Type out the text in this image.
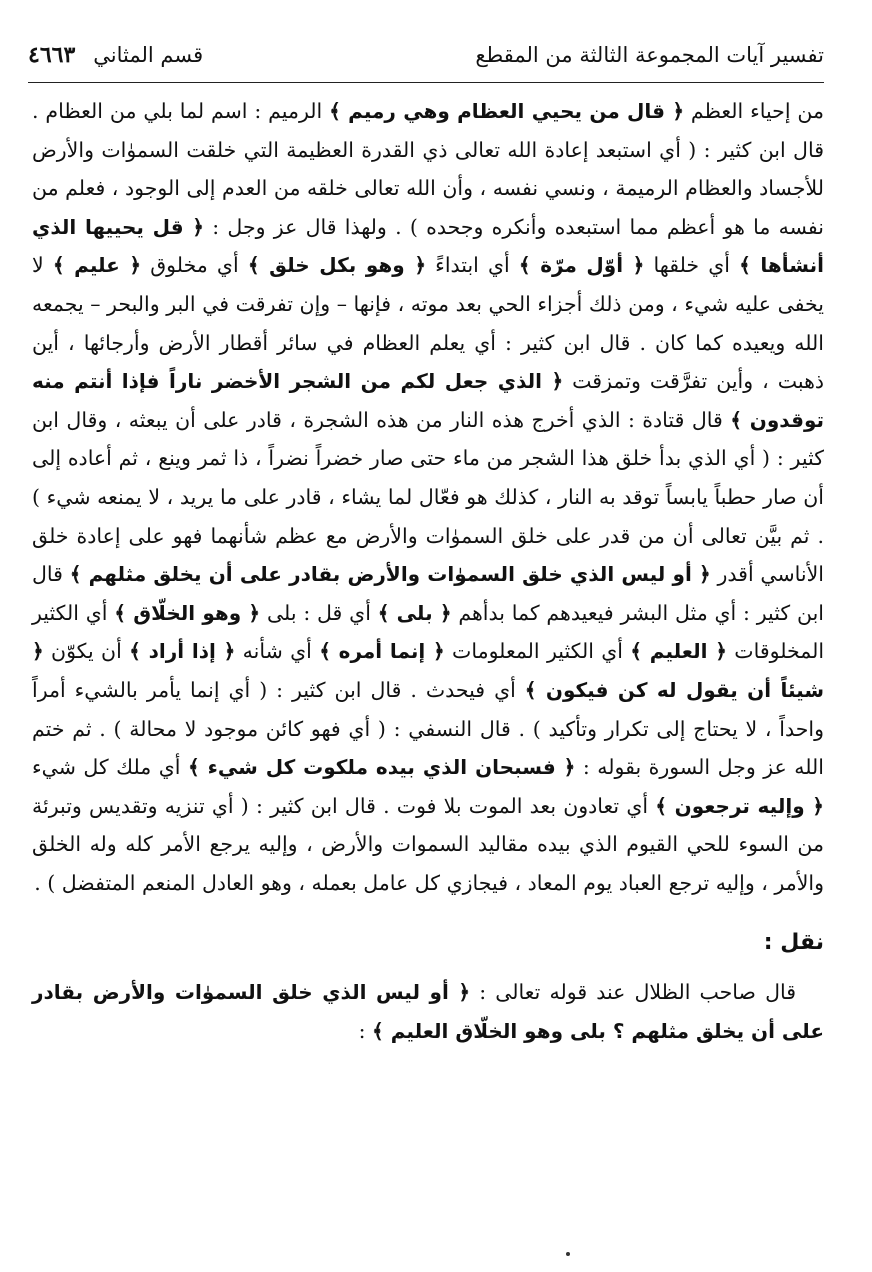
تفسير آيات المجموعة الثالثة من المقطع
قسم المثاني
٤٦٦٣

من إحياء العظم ﴿ قال من يحيي العظام وهي رميم ﴾ الرميم : اسم لما بلي من العظام . قال ابن كثير : ( أي استبعد إعادة الله تعالى ذي القدرة العظيمة التي خلقت السموٰات والأرض للأجساد والعظام الرميمة ، ونسي نفسه ، وأن الله تعالى خلقه من العدم إلى الوجود ، فعلم من نفسه ما هو أعظم مما استبعده وأنكره وجحده ) . ولهذا قال عز وجل : ﴿ قل يحييها الذي أنشأها ﴾ أي خلقها ﴿ أوّل مرّة ﴾ أي ابتداءً ﴿ وهو بكل خلق ﴾ أي مخلوق ﴿ عليم ﴾ لا يخفى عليه شيء ، ومن ذلك أجزاء الحي بعد موته ، فإنها – وإن تفرقت في البر والبحر – يجمعه الله ويعيده كما كان . قال ابن كثير : أي يعلم العظام في سائر أقطار الأرض وأرجائها ، أين ذهبت ، وأين تفرَّقت وتمزقت ﴿ الذي جعل لكم من الشجر الأخضر ناراً فإذا أنتم منه توقدون ﴾ قال قتادة : الذي أخرج هذه النار من هذه الشجرة ، قادر على أن يبعثه ، وقال ابن كثير : ( أي الذي بدأ خلق هذا الشجر من ماء حتى صار خضراً نضراً ، ذا ثمر وينع ، ثم أعاده إلى أن صار حطباً يابساً توقد به النار ، كذلك هو فعّال لما يشاء ، قادر على ما يريد ، لا يمنعه شيء ) . ثم بيَّن تعالى أن من قدر على خلق السموٰات والأرض مع عظم شأنهما فهو على إعادة خلق الأناسي أقدر ﴿ أو ليس الذي خلق السموٰات والأرض بقادر على أن يخلق مثلهم ﴾ قال ابن كثير : أي مثل البشر فيعيدهم كما بدأهم ﴿ بلى ﴾ أي قل : بلى ﴿ وهو الخلّاق ﴾ أي الكثير المخلوقات ﴿ العليم ﴾ أي الكثير المعلومات ﴿ إنما أمره ﴾ أي شأنه ﴿ إذا أراد ﴾ أن يكوّن ﴿ شيئاً أن يقول له كن فيكون ﴾ أي فيحدث . قال ابن كثير : ( أي إنما يأمر بالشيء أمراً واحداً ، لا يحتاج إلى تكرار وتأكيد ) . قال النسفي : ( أي فهو كائن موجود لا محالة ) . ثم ختم الله عز وجل السورة بقوله : ﴿ فسبحان الذي بيده ملكوت كل شيء ﴾ أي ملك كل شيء ﴿ وإليه ترجعون ﴾ أي تعادون بعد الموت بلا فوت . قال ابن كثير : ( أي تنزيه وتقديس وتبرئة من السوء للحي القيوم الذي بيده مقاليد السموات والأرض ، وإليه يرجع الأمر كله وله الخلق والأمر ، وإليه ترجع العباد يوم المعاد ، فيجازي كل عامل بعمله ، وهو العادل المنعم المتفضل ) .

نقل :

قال صاحب الظلال عند قوله تعالى : ﴿ أو ليس الذي خلق السموٰات والأرض بقادر على أن يخلق مثلهم ؟ بلى وهو الخلّاق العليم ﴾ :
